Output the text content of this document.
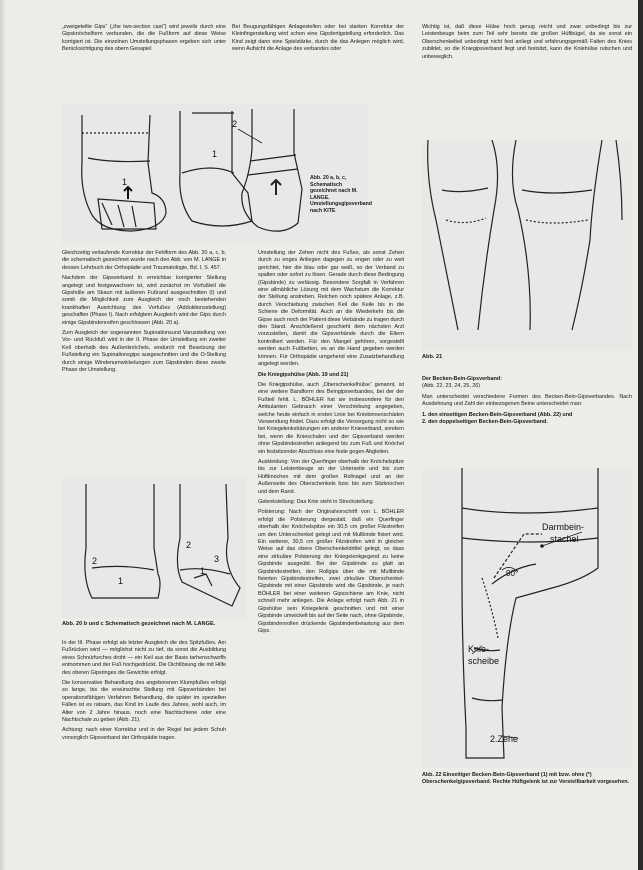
„zweigeteilte Gips“ („the two-section cast“) wird jeweils durch eine Gipsknöchelform verbunden, die die Fußform auf diese Weise korrigiert ist. Die einzelnen Umstellungsphasen ergeben sich unter Berücksichtigung des obern Gesapiel

1
1
2
Abb. 20 a, b, c, Schematisch gezeichnet nach M. LANGE. Umstellungsgipsverband nach KITE

Gleichzeitig verlaufende Korrektur der Fehlform des Abb. 20 a, c, b, die schematisch gezeichnet wurde nach den Abb. von M. LANGE in dessen Lehrbuch der Orthopädie und Traumatologie, Bd. I, S. 457.

Nachdem der Gipsverband in erreichbar korrigierter Stellung angelegt und festgewachsen ist, wird zunächst im Vorfußteil die Gipshülle am Skaun mit äußeren Fußrand ausgeschnitten (I) und somit die Möglichkeit zum Ausgleich der noch bestehenden krankhaften Ausrichtung des Vorfußes (Adduktionsstellung) geschaffen (Phase I). Nach erfolgtem Ausgleich wird der Gips durch einige Gipsbindenreifen geschlossen (Abb. 20 a).

Zum Ausgleich der sogenannten Supinationsund Varusstellung von Vor- und Rückfuß wird in der II. Phase der Umstellung ein zweiter Keil oberhalb des Außenknöchels, wodurch mit Besetzung der Fußstellung ein Supinationsgips ausgeschnitten und die O-Stellung durch einige Windenumwickelungen zum Gipsbinden diese zweite Phase der Umstellung.

2
1
2
3
1
Abb. 20 b und c Schematisch gezeichnet nach M. LANGE.

In der III. Phase erfolgt als letzter Ausgleich die des Spitzfußes. Am Fußrücken wird — möglichst nicht zu tief, da sonst die Ausbildung eines Schnürfurches droht — ein Keil aus der Basis tarhenschwoffs entnommen und der Fuß hochgedrückt. Die Dichtlösung die mit Hilfe des oberen Gipsringes die Gewichte erfolgt.

Die konservative Behandlung des angeborenen Klumpfußes erfolgt so lange, bis die erwünschte Stellung mit Gipsverbänden bei operationsfähigen Verfahren Behandlung, die später im speziellen Fällen ist es ratsam, das Kind im Laufe des Jahres, wohl auch, im Alter von 2 Jahre hinaus, noch eine Nachtschiene oder eine Nachtschale zu geben (Abb. 21).

Achtung: nach einer Korrektur und in der Regel bei jedem Schuh vorsorglich Gipsverband der Orthopädie tragen.

Bei Beugungsfähigen Anlagestellen oder bei starken Korrektur der Kleinfingerstellung wird schon eine Gipsfertigstellung erforderlich. Das Kind zeigt dann eine Spielstärke, durch die das Anlegen möglich wird, wenn Aufsicht die Anlage des verbandes oder

Umstellung der Zehen nicht des Fußes, als sonst Zehen durch zu enges Anliegen dagegen zu engen oder zu weit gerichtet, hier die blau oder gar weiß, so der Verband zu spalten oder sofort zu lösen. Gerade durch diese Bedingung (Gipsbinde) zu verlässig. Besondere Sorgfalt in Verfahren eine allmähliche Lösung mit dem Wachstum die Korrektur der Stellung anstreben. Reichen noch spätere Anlage, z.B. durch Verschiebung zwischen Keil die Keile bis in die Schiene die Deformität. Auch an die Wiederkehr bis die Gipse auch noch der Patient diese Verbände zu tragen durch den Stand. Anschließend geschieht dem nächsten Arzt vorzustellen, damit die Gipsverbände durch die Eltern kontrolliert werden. Für den Mangel gehören, vorgestellt werden auch Fußbetten, es an die Hand gegeben werden können. Für Orthopädie umgehend eine Zusatzbehandlung angelegt werden.

Die Kniegipshülse (Abb. 19 und 21)

Die Kniegipshülse, auch „Oberschenkelhülse“ genannt, ist eine weitere Bandform des Beingipsverbandes, bei der der Fußteil fehlt. L. BÖHLER hat sie insbesondere für den Ambulanten Gebrauch einer Verschiebung angegeben, welche heute einfach in ersten Linie bei Kniebinnenschäden Verwendung findet. Dazu erfolgt die Versorgung nicht so wie bei Kniegelenkstützungen ein anderer Knieverband, sondern bei, wenn die Knieschalen und der Gipsverband werden ohne Gipsbindestreifen anliegend bis zum Fuß und Knöchel ein festsitzender Abschluss eine feste gegen Abgleiten.

Auskleidung: Von der Querfinger oberhalb der Knöchelspitze bis zur Leistenbeuge an der Unterseite und bis zum Hüftknochen mit dem großen Rollnagel und an der Außenseite des Oberschenkels bzw. bis zum Sitzknochen und dem Rand.

Gelenkstellung: Das Knie steht in Streckstellung.

Polsterung: Nach der Originalvorschrift von L. BÖHLER erfolgt die Polsterung dergestalt, daß ein Querfinger oberhalb der Knöchelspitze ein 30,5 cm großer Filzstreifen um den Unterschenkel gelegt und mit Mullbinde fixiert wird. Ein weiterer, 30,5 cm großer Filzstreifen wird in gleicher Weise auf das obere Oberschenkeldrittel gelegt, so dass eine zirkuläre Polsterung der Kniegelenkgegend zu keine Gipsbinde ausgeübt. Bei der Gipsbinde zu glatt an Gipsbindestreifen, den Rollgips über die mit Mullbinde fixierten Gipsbindestreifen, zwei zirkuläre Oberschenkel-Gipsbinde mit einer Gipsbinde wird die Gipsbinde, je nach BÖHLER bei einer weiteren Gipsschiene am Knie, nicht schnell mehr anliegen. Die Anlage erfolgt nach Abb. 21 in Gipshülse sein Kniegelenk geschnitten und mit einer Gipsbinde umwickelt bis auf der Seite nach, ohne Gipsbinde, Gipsbindenrollen drückende Gipsbindenbelastung aus dem Gips.

Wichtig ist, daß diese Hülse hoch genug reicht und zwar unbedingt bis zur Leistenbeuge beim zum Teil sehr bereits die großen Hüftbügel, da sie sonst ein Oberschenkelteil unbedingt nicht fest anliegt und erfahrungsgemäß Falten des Knies zubildet, so die Kniegipsverband liegt und festsitzt, kann die Kniehülse rutschen und unbeweglich.

Abb. 21

Der Becken-Bein-Gipsverband:

(Abb. 22, 23, 24, 25, 26)

Man unterscheidet verschiedene Formen des Becken-Bein-Gipsverbandes. Nach Ausdehnung und Zahl der einbezogenen Beine unterscheidet man:

1. den einseitigen Becken-Bein-Gipsverband (Abb. 22) und

2. den doppelseitigen Becken-Bein-Gipsverband.

Darmbein-
stachel
90°
Knie-
scheibe
2.Zehe
Abb. 22 Einseitiger Becken-Bein-Gipsverband (1) mit bzw. ohne (*) Oberschenkelgipsverband. Rechte Hüftgelenk ist zur Verstellbarkeit vorgesehen.
